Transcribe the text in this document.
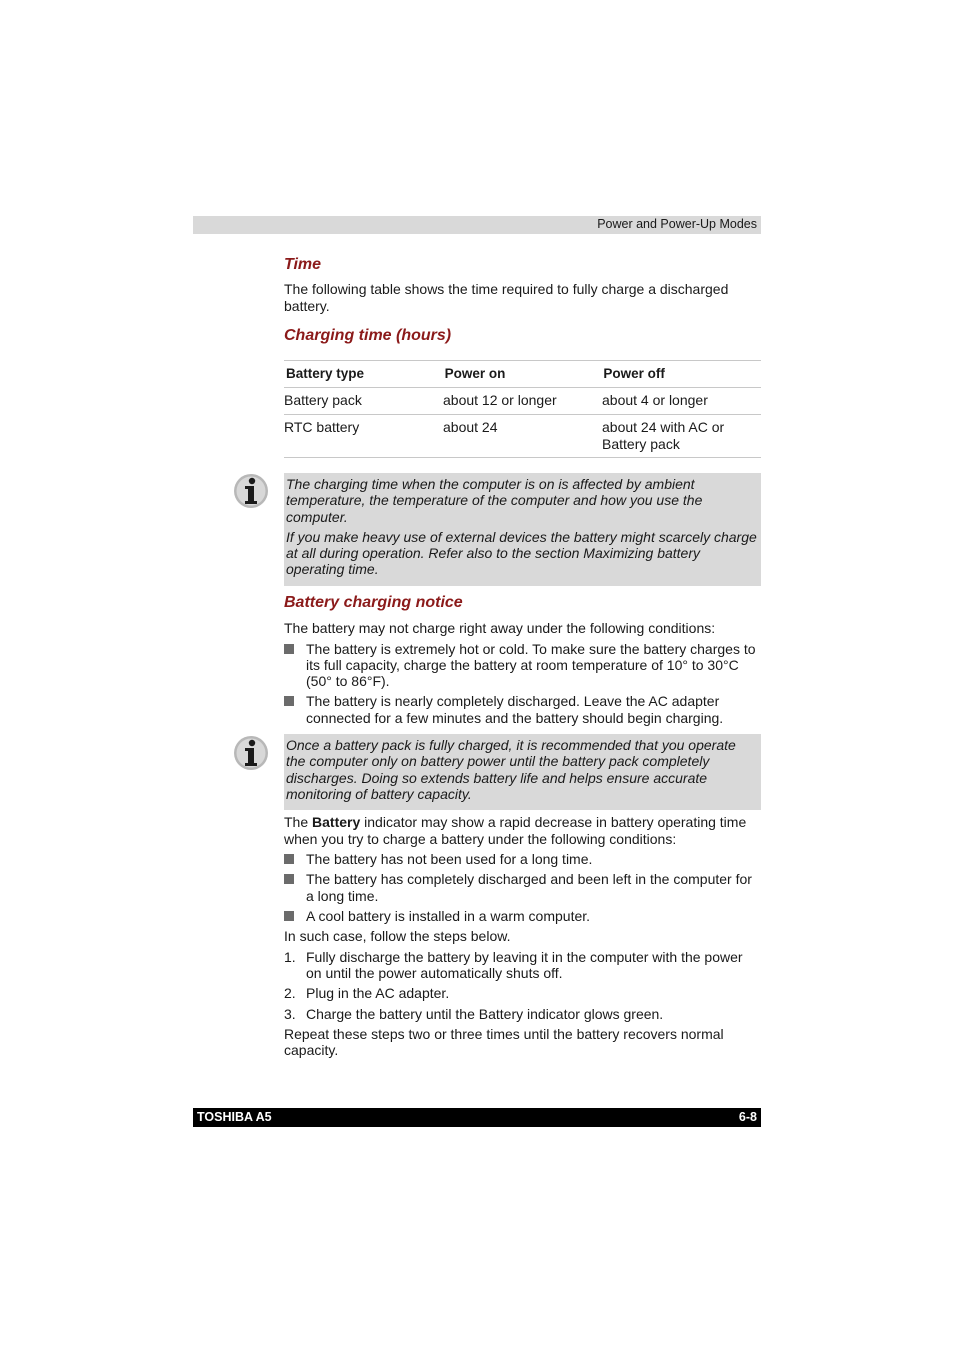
Power and Power-Up Modes
Time

The following table shows the time required to fully charge a discharged battery.

Charging time (hours)
Battery type	Power on	Power off
Battery pack	about 12 or longer	about 4 or longer
RTC battery	about 24	about 24 with AC or Battery pack

The charging time when the computer is on is affected by ambient temperature, the temperature of the computer and how you use the computer.

If you make heavy use of external devices the battery might scarcely charge at all during operation. Refer also to the section Maximizing battery operating time.

Battery charging notice

The battery may not charge right away under the following conditions:

The battery is extremely hot or cold. To make sure the battery charges to its full capacity, charge the battery at room temperature of 10° to 30°C (50° to 86°F).
The battery is nearly completely discharged. Leave the AC adapter connected for a few minutes and the battery should begin charging.

Once a battery pack is fully charged, it is recommended that you operate the computer only on battery power until the battery pack completely discharges. Doing so extends battery life and helps ensure accurate monitoring of battery capacity.

The Battery indicator may show a rapid decrease in battery operating time when you try to charge a battery under the following conditions:

The battery has not been used for a long time.
The battery has completely discharged and been left in the computer for a long time.
A cool battery is installed in a warm computer.

In such case, follow the steps below.

1. Fully discharge the battery by leaving it in the computer with the power on until the power automatically shuts off.
2. Plug in the AC adapter.
3. Charge the battery until the Battery indicator glows green.

Repeat these steps two or three times until the battery recovers normal capacity.

TOSHIBA A5	6-8
